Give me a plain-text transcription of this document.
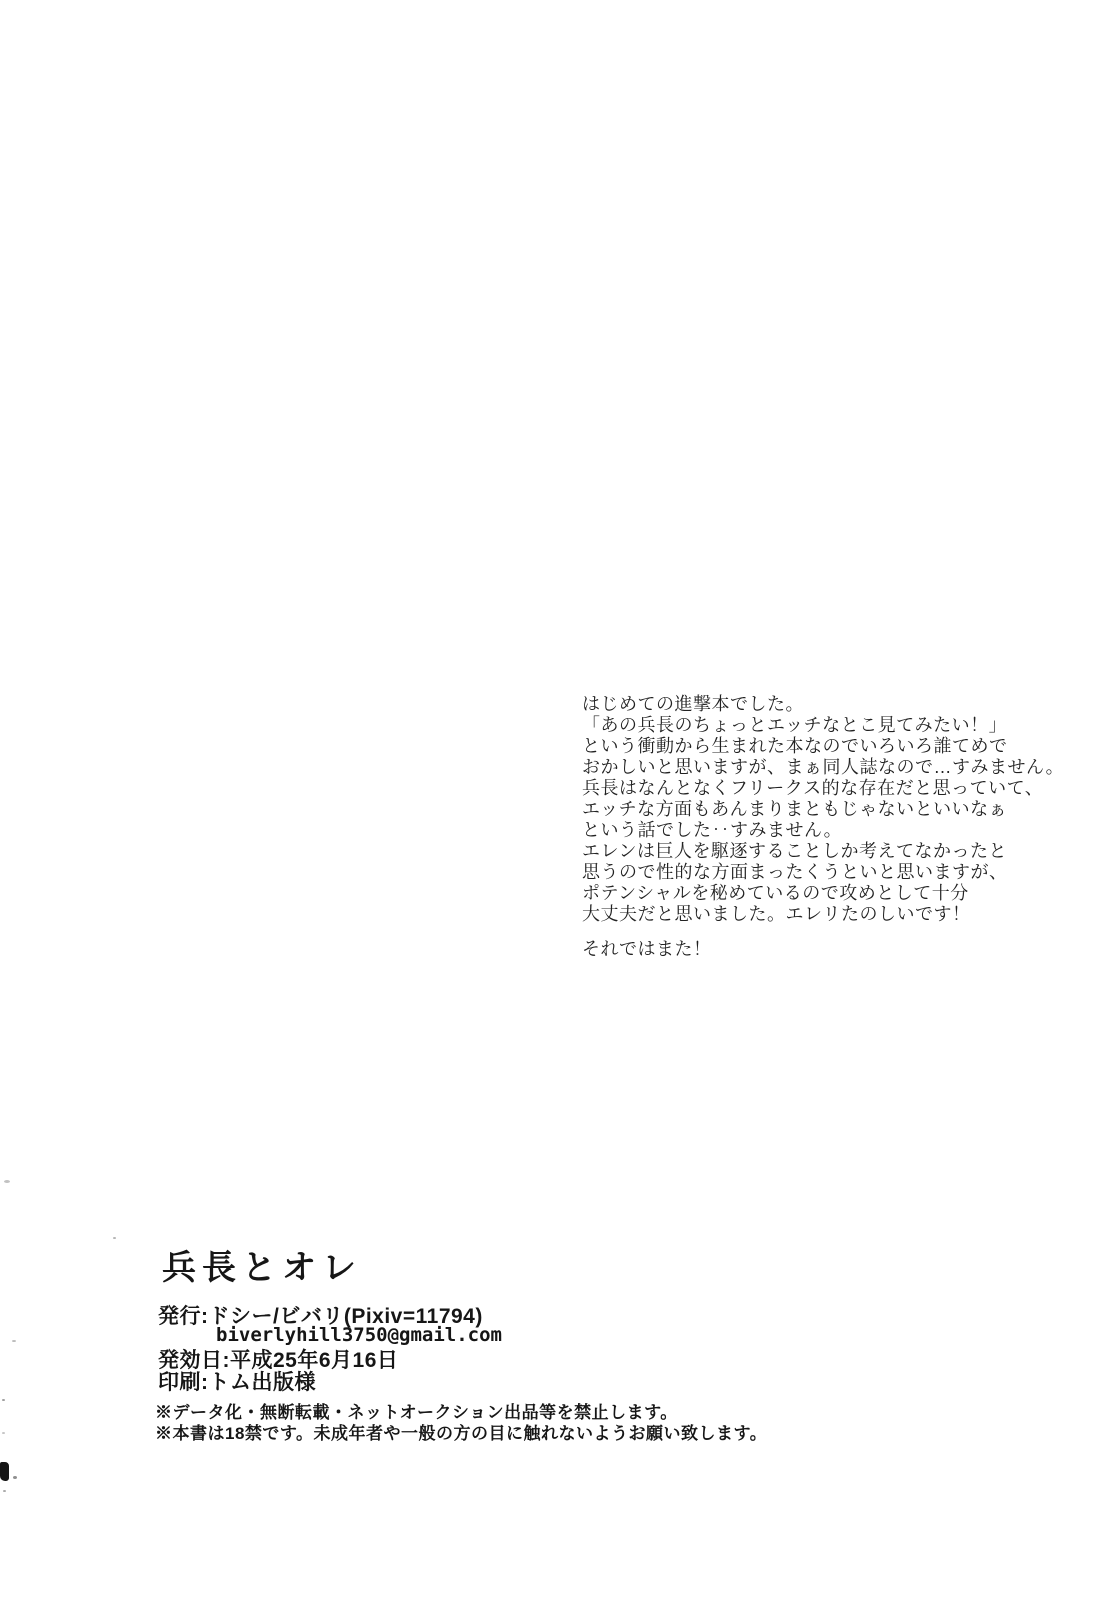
はじめての進撃本でした。
「あの兵長のちょっとエッチなとこ見てみたい！」
という衝動から生まれた本なのでいろいろ誰てめで
おかしいと思いますが、まぁ同人誌なので…すみません。
兵長はなんとなくフリークス的な存在だと思っていて、
エッチな方面もあんまりまともじゃないといいなぁ
という話でした‥すみません。
エレンは巨人を駆逐することしか考えてなかったと
思うので性的な方面まったくうといと思いますが、
ポテンシャルを秘めているので攻めとして十分
大丈夫だと思いました。エレリたのしいです！
それではまた！
兵長とオレ
発行:ドシー/ビバリ(Pixiv=11794)
biverlyhill3750@gmail.com
発効日:平成25年6月16日
印刷:トム出版様
※データ化・無断転載・ネットオークション出品等を禁止します。
※本書は18禁です。未成年者や一般の方の目に触れないようお願い致します。
